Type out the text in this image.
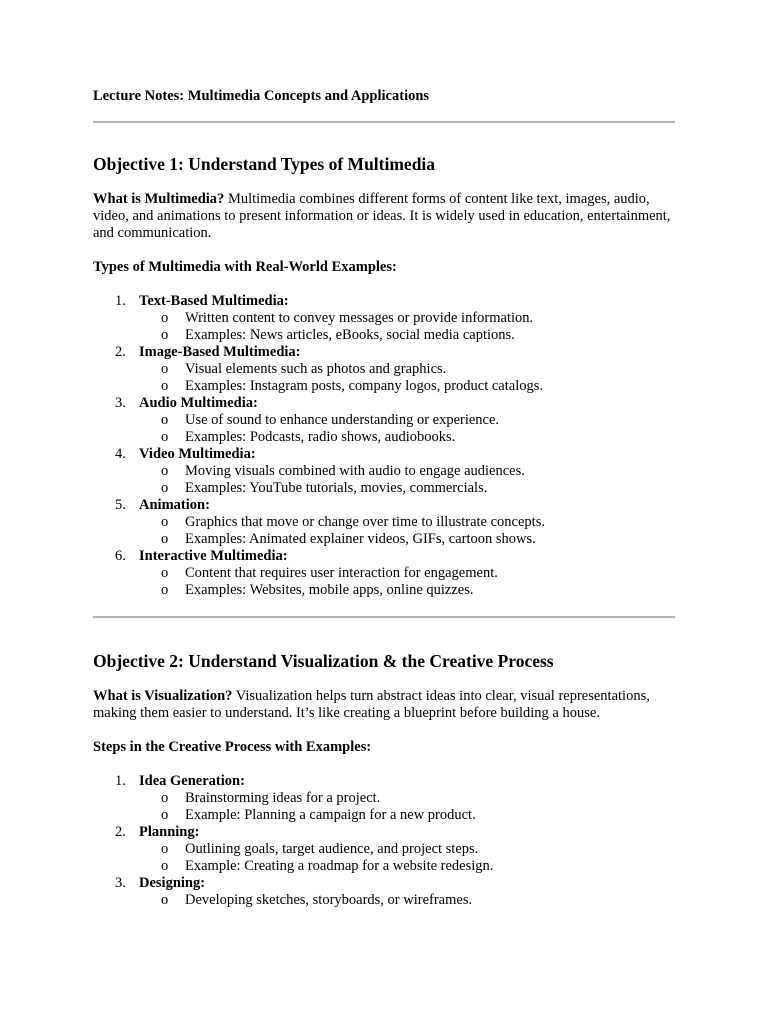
Lecture Notes: Multimedia Concepts and Applications
Objective 1: Understand Types of Multimedia

What is Multimedia? Multimedia combines different forms of content like text, images, audio, video, and animations to present information or ideas. It is widely used in education, entertainment, and communication.

Types of Multimedia with Real-World Examples:

1. Text-Based Multimedia:
o Written content to convey messages or provide information.
o Examples: News articles, eBooks, social media captions.
2. Image-Based Multimedia:
o Visual elements such as photos and graphics.
o Examples: Instagram posts, company logos, product catalogs.
3. Audio Multimedia:
o Use of sound to enhance understanding or experience.
o Examples: Podcasts, radio shows, audiobooks.
4. Video Multimedia:
o Moving visuals combined with audio to engage audiences.
o Examples: YouTube tutorials, movies, commercials.
5. Animation:
o Graphics that move or change over time to illustrate concepts.
o Examples: Animated explainer videos, GIFs, cartoon shows.
6. Interactive Multimedia:
o Content that requires user interaction for engagement.
o Examples: Websites, mobile apps, online quizzes.
Objective 2: Understand Visualization & the Creative Process

What is Visualization? Visualization helps turn abstract ideas into clear, visual representations, making them easier to understand. It’s like creating a blueprint before building a house.

Steps in the Creative Process with Examples:

1. Idea Generation:
o Brainstorming ideas for a project.
o Example: Planning a campaign for a new product.
2. Planning:
o Outlining goals, target audience, and project steps.
o Example: Creating a roadmap for a website redesign.
3. Designing:
o Developing sketches, storyboards, or wireframes.
